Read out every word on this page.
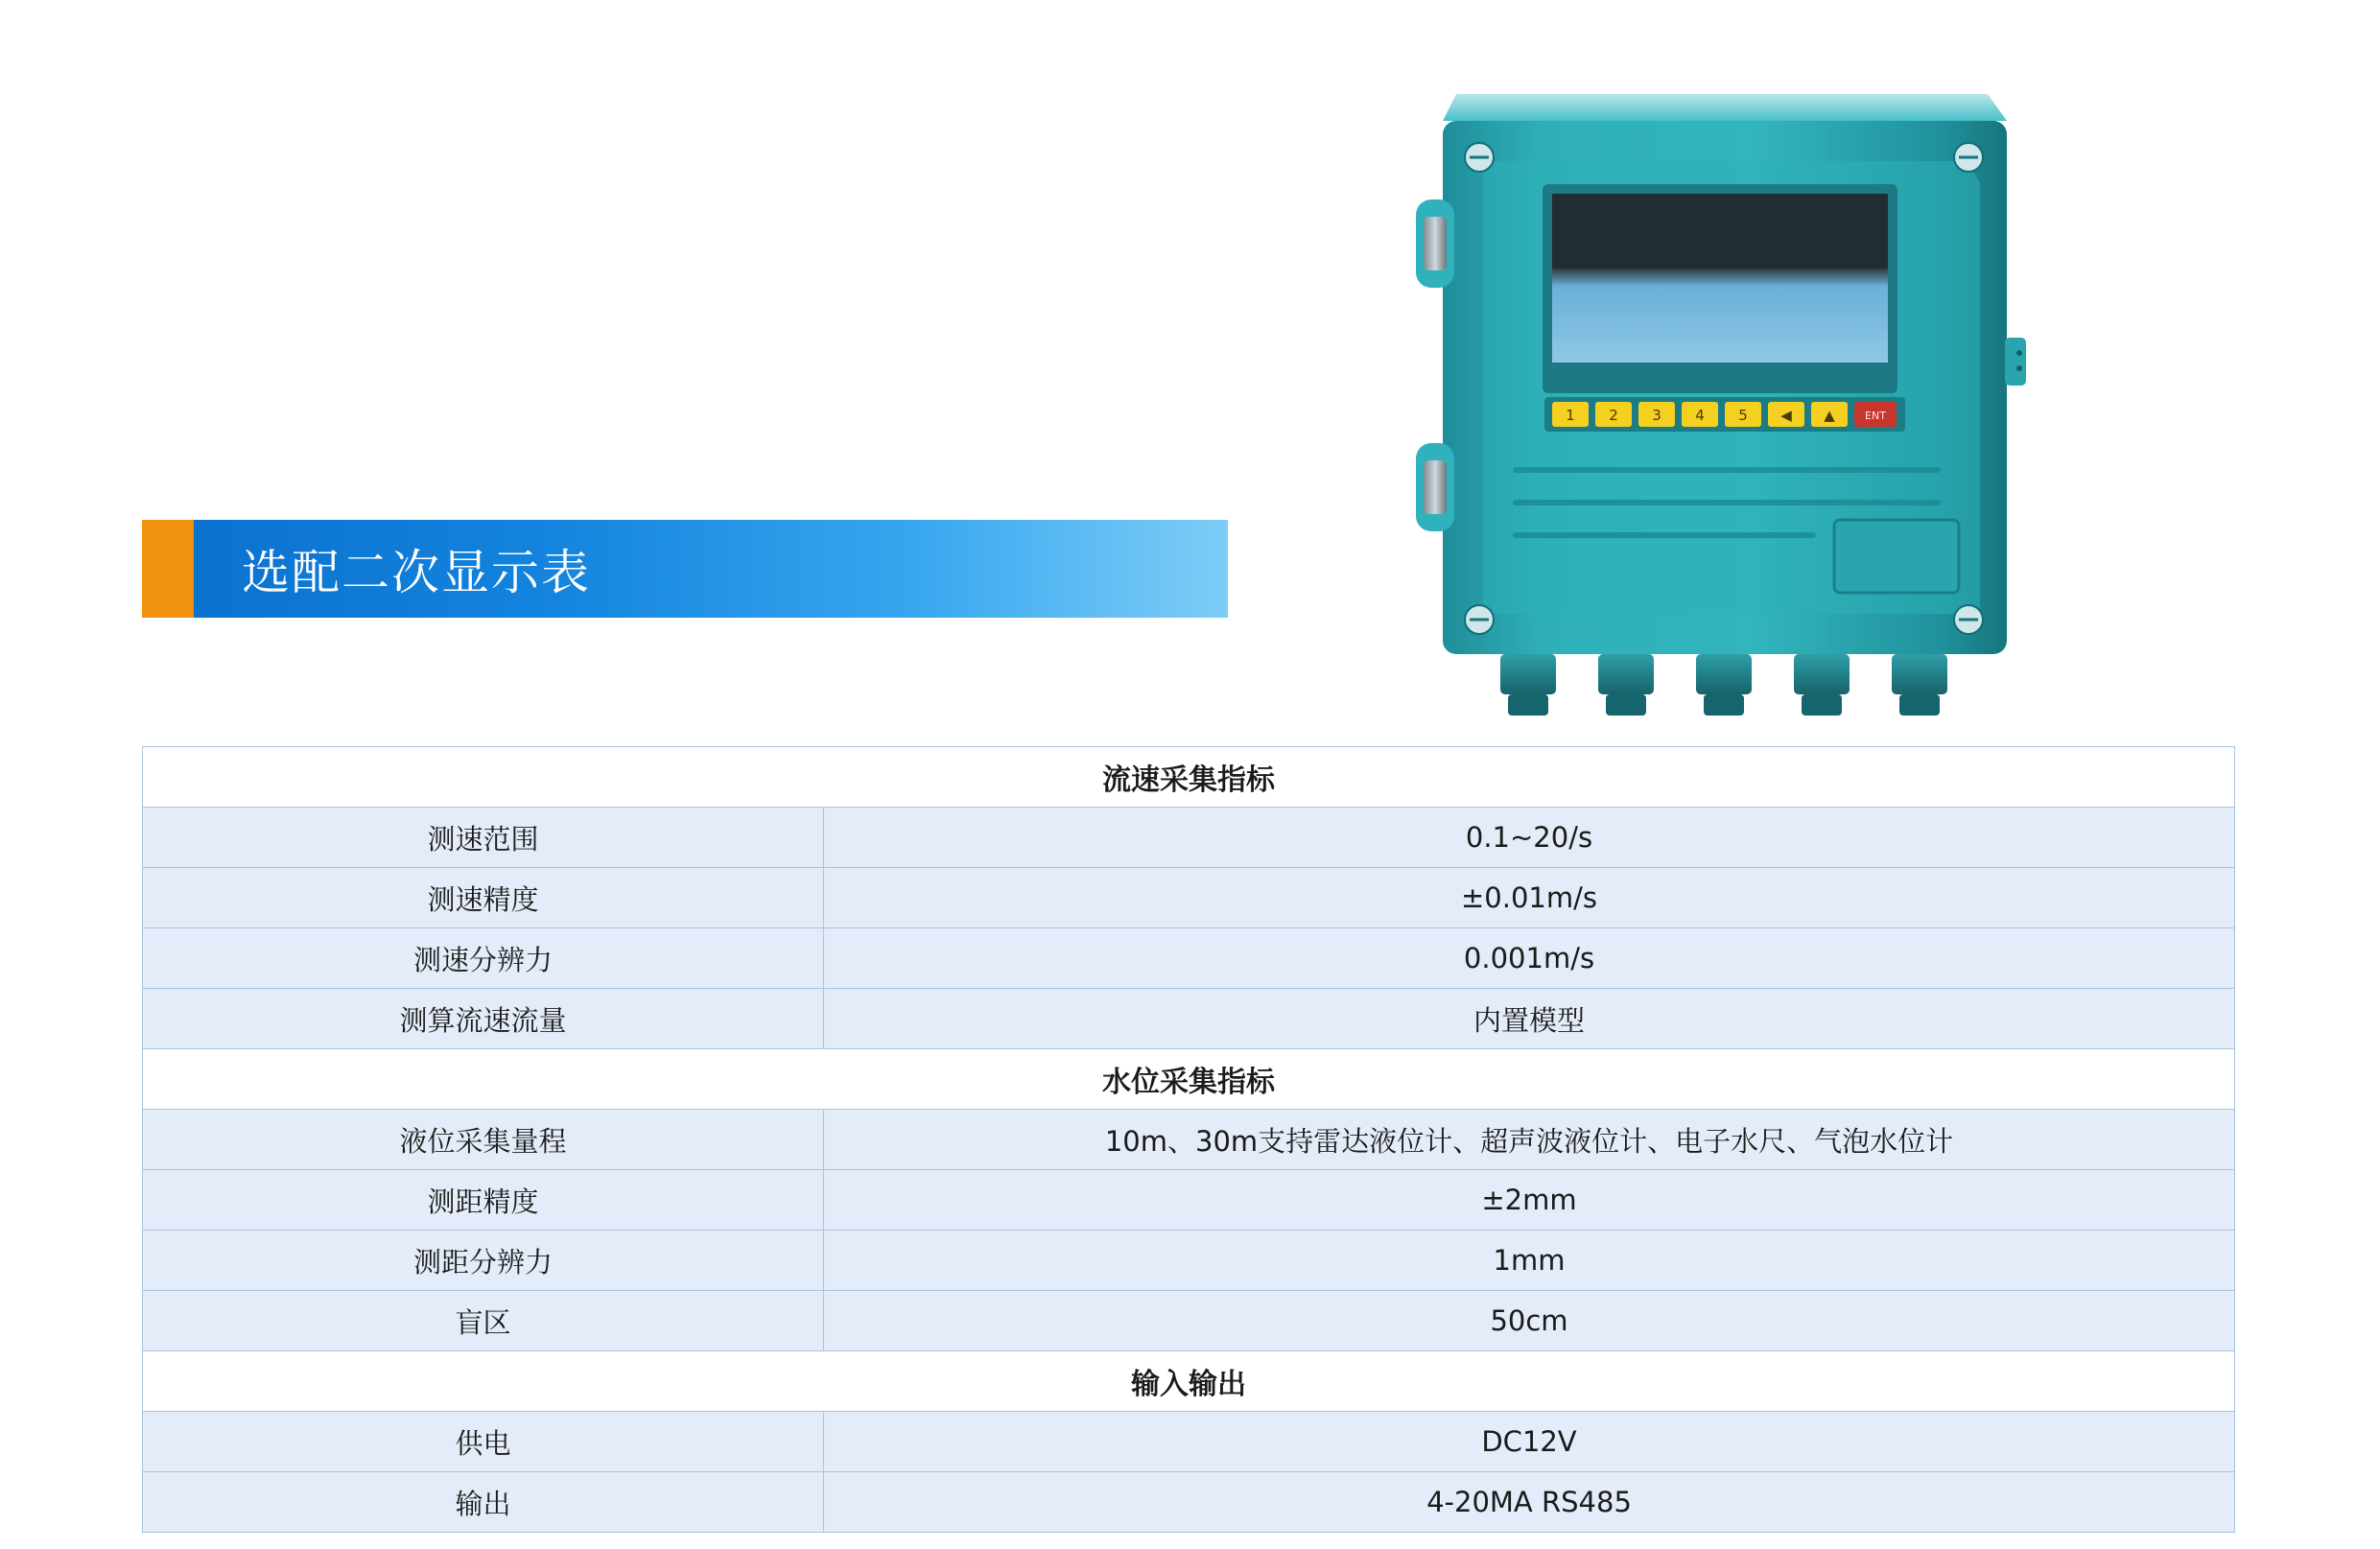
选配二次显示表
1 2 3 4 5 ◀ ▲	ENT
流速采集指标	
测速范围	0.1~20/s
测速精度	±0.01m/s
测速分辨力	0.001m/s
测算流速流量	内置模型
水位采集指标	
液位采集量程	10m、30m支持雷达液位计、超声波液位计、电子水尺、气泡水位计
测距精度	±2mm
测距分辨力	1mm
盲区	50cm
输入输出	
供电	DC12V
输出	4-20MA RS485
